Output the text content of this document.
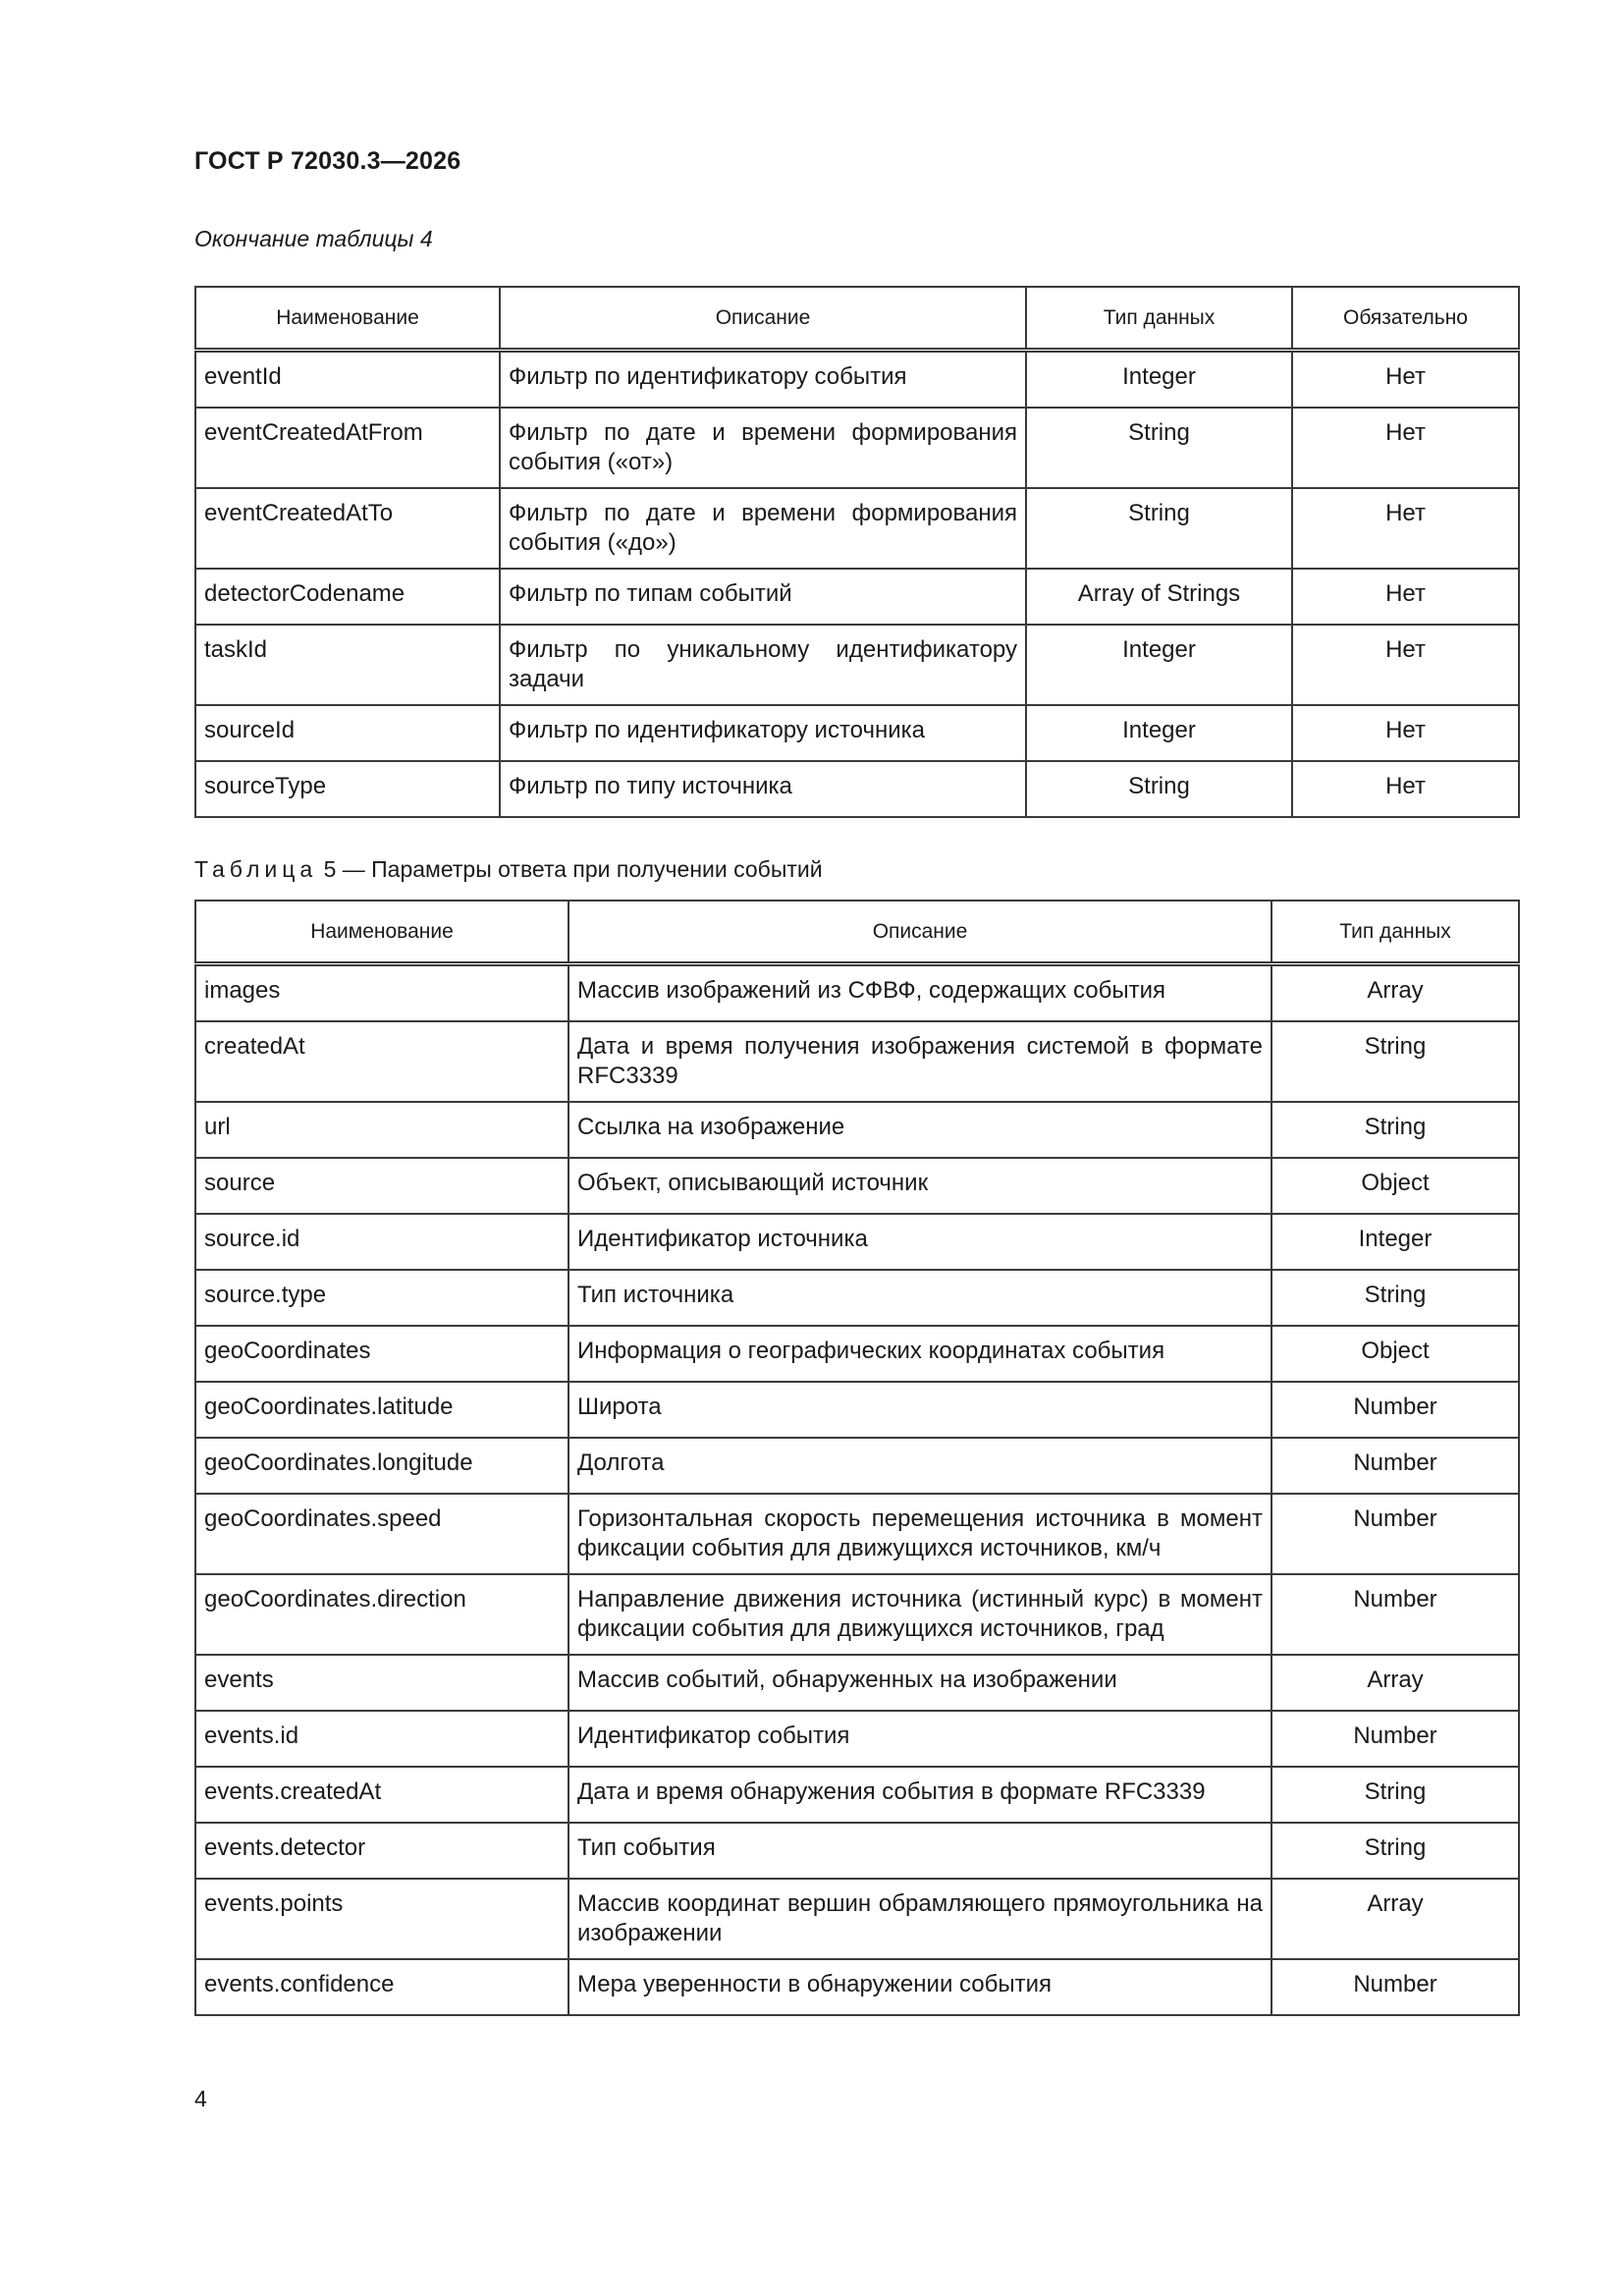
ГОСТ Р 72030.3—2026
Окончание таблицы 4
Наименование	Описание	Тип данных	Обязательно
eventId	Фильтр по идентификатору события	Integer	Нет
eventCreatedAtFrom	Фильтр по дате и времени формирования события («от»)	String	Нет
eventCreatedAtTo	Фильтр по дате и времени формирования события («до»)	String	Нет
detectorCodename	Фильтр по типам событий	Array of Strings	Нет
taskId	Фильтр по уникальному идентификатору задачи	Integer	Нет
sourceId	Фильтр по идентификатору источника	Integer	Нет
sourceType	Фильтр по типу источника	String	Нет
Таблица 5 — Параметры ответа при получении событий
Наименование	Описание	Тип данных
images	Массив изображений из СФВФ, содержащих события	Array
createdAt	Дата и время получения изображения системой в формате RFC3339	String
url	Ссылка на изображение	String
source	Объект, описывающий источник	Object
source.id	Идентификатор источника	Integer
source.type	Тип источника	String
geoCoordinates	Информация о географических координатах события	Object
geoCoordinates.latitude	Широта	Number
geoCoordinates.longitude	Долгота	Number
geoCoordinates.speed	Горизонтальная скорость перемещения источника в момент фиксации события для движущихся источников, км/ч	Number
geoCoordinates.direction	Направление движения источника (истинный курс) в момент фиксации события для движущихся источников, град	Number
events	Массив событий, обнаруженных на изображении	Array
events.id	Идентификатор события	Number
events.createdAt	Дата и время обнаружения события в формате RFC3339	String
events.detector	Тип события	String
events.points	Массив координат вершин обрамляющего прямоугольника на изображении	Array
events.confidence	Мера уверенности в обнаружении события	Number
4
